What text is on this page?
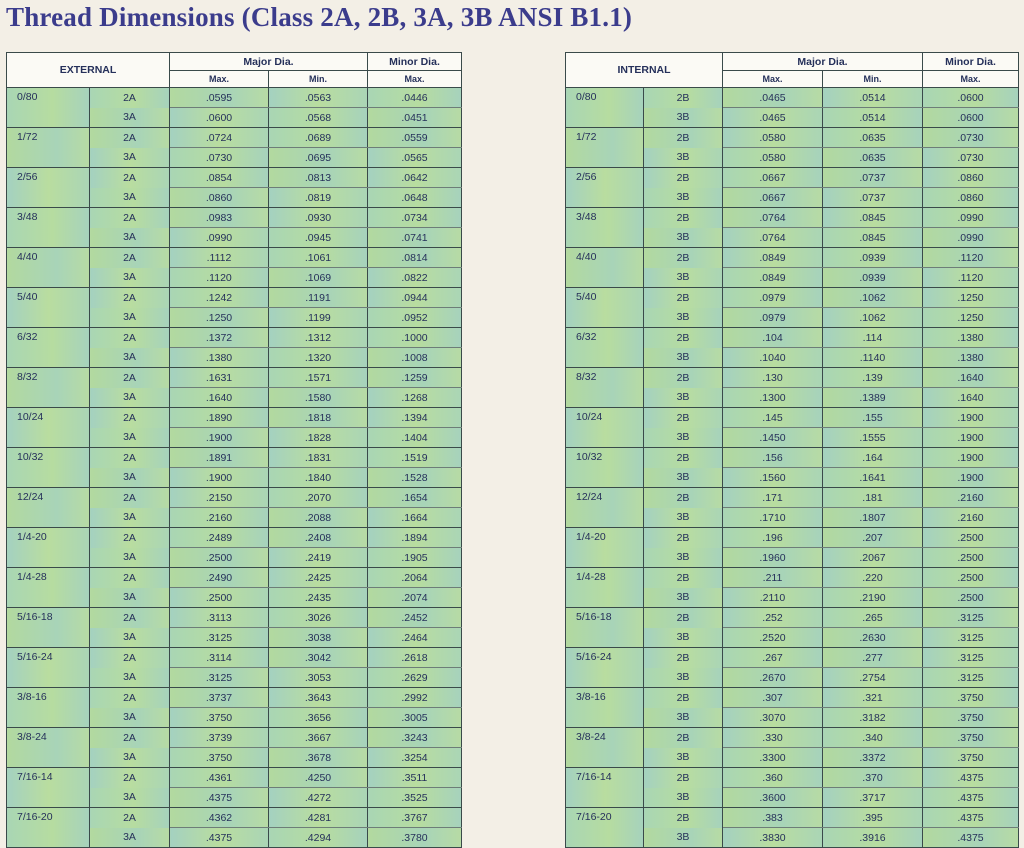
Thread Dimensions (Class 2A, 2B, 3A, 3B ANSI B1.1)
EXTERNAL		Major Dia.		Minor Dia.
		Max.	Min.	Max.
0/80	2A	.0595	.0563	.0446
	3A	.0600	.0568	.0451
1/72	2A	.0724	.0689	.0559
	3A	.0730	.0695	.0565
2/56	2A	.0854	.0813	.0642
	3A	.0860	.0819	.0648
3/48	2A	.0983	.0930	.0734
	3A	.0990	.0945	.0741
4/40	2A	.1112	.1061	.0814
	3A	.1120	.1069	.0822
5/40	2A	.1242	.1191	.0944
	3A	.1250	.1199	.0952
6/32	2A	.1372	.1312	.1000
	3A	.1380	.1320	.1008
8/32	2A	.1631	.1571	.1259
	3A	.1640	.1580	.1268
10/24	2A	.1890	.1818	.1394
	3A	.1900	.1828	.1404
10/32	2A	.1891	.1831	.1519
	3A	.1900	.1840	.1528
12/24	2A	.2150	.2070	.1654
	3A	.2160	.2088	.1664
1/4-20	2A	.2489	.2408	.1894
	3A	.2500	.2419	.1905
1/4-28	2A	.2490	.2425	.2064
	3A	.2500	.2435	.2074
5/16-18	2A	.3113	.3026	.2452
	3A	.3125	.3038	.2464
5/16-24	2A	.3114	.3042	.2618
	3A	.3125	.3053	.2629
3/8-16	2A	.3737	.3643	.2992
	3A	.3750	.3656	.3005
3/8-24	2A	.3739	.3667	.3243
	3A	.3750	.3678	.3254
7/16-14	2A	.4361	.4250	.3511
	3A	.4375	.4272	.3525
7/16-20	2A	.4362	.4281	.3767
	3A	.4375	.4294	.3780
INTERNAL		Major Dia.		Minor Dia.
		Max.	Min.	Max.
0/80	2B	.0465	.0514	.0600
	3B	.0465	.0514	.0600
1/72	2B	.0580	.0635	.0730
	3B	.0580	.0635	.0730
2/56	2B	.0667	.0737	.0860
	3B	.0667	.0737	.0860
3/48	2B	.0764	.0845	.0990
	3B	.0764	.0845	.0990
4/40	2B	.0849	.0939	.1120
	3B	.0849	.0939	.1120
5/40	2B	.0979	.1062	.1250
	3B	.0979	.1062	.1250
6/32	2B	.104	.114	.1380
	3B	.1040	.1140	.1380
8/32	2B	.130	.139	.1640
	3B	.1300	.1389	.1640
10/24	2B	.145	.155	.1900
	3B	.1450	.1555	.1900
10/32	2B	.156	.164	.1900
	3B	.1560	.1641	.1900
12/24	2B	.171	.181	.2160
	3B	.1710	.1807	.2160
1/4-20	2B	.196	.207	.2500
	3B	.1960	.2067	.2500
1/4-28	2B	.211	.220	.2500
	3B	.2110	.2190	.2500
5/16-18	2B	.252	.265	.3125
	3B	.2520	.2630	.3125
5/16-24	2B	.267	.277	.3125
	3B	.2670	.2754	.3125
3/8-16	2B	.307	.321	.3750
	3B	.3070	.3182	.3750
3/8-24	2B	.330	.340	.3750
	3B	.3300	.3372	.3750
7/16-14	2B	.360	.370	.4375
	3B	.3600	.3717	.4375
7/16-20	2B	.383	.395	.4375
	3B	.3830	.3916	.4375
